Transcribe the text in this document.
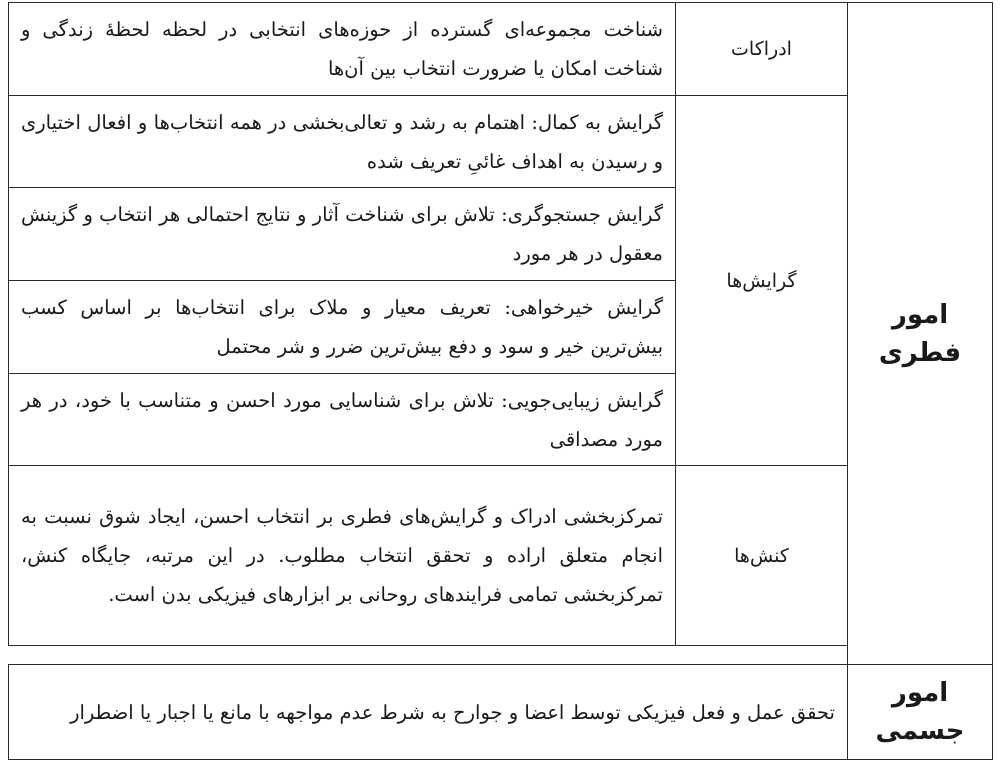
امور
فطری	ادراکات	شناخت مجموعه‌ای گسترده از حوزه‌های انتخابی در لحظه لحظهٔ زندگی و شناخت امکان یا ضرورت انتخاب بین آن‌ها
	گرایش‌ها	گرایش به کمال: اهتمام به رشد و تعالی‌بخشی در همه انتخاب‌ها و افعال اختیاری و رسیدن به اهداف غائیِ تعریف شده
		گرایش جستجوگری: تلاش برای شناخت آثار و نتایج احتمالی هر انتخاب و گزینش معقول در هر مورد
		گرایش خیرخواهی: تعریف معیار و ملاک برای انتخاب‌ها بر اساس کسب بیش‌ترین خیر و سود و دفع بیش‌ترین ضرر و شر محتمل
		گرایش زیبایی‌جویی: تلاش برای شناسایی مورد احسن و متناسب با خود، در هر مورد مصداقی
	کنش‌ها	تمرکزبخشی ادراک و گرایش‌های فطری بر انتخاب احسن، ایجاد شوق نسبت به انجام متعلق اراده و تحقق انتخاب مطلوب. در این مرتبه، جایگاه کنش، تمرکزبخشی تمامی فرایندهای روحانی بر ابزارهای فیزیکی بدن است.

امور
جسمی	تحقق عمل و فعل فیزیکی توسط اعضا و جوارح به شرط عدم مواجهه با مانع یا اجبار یا اضطرار	
